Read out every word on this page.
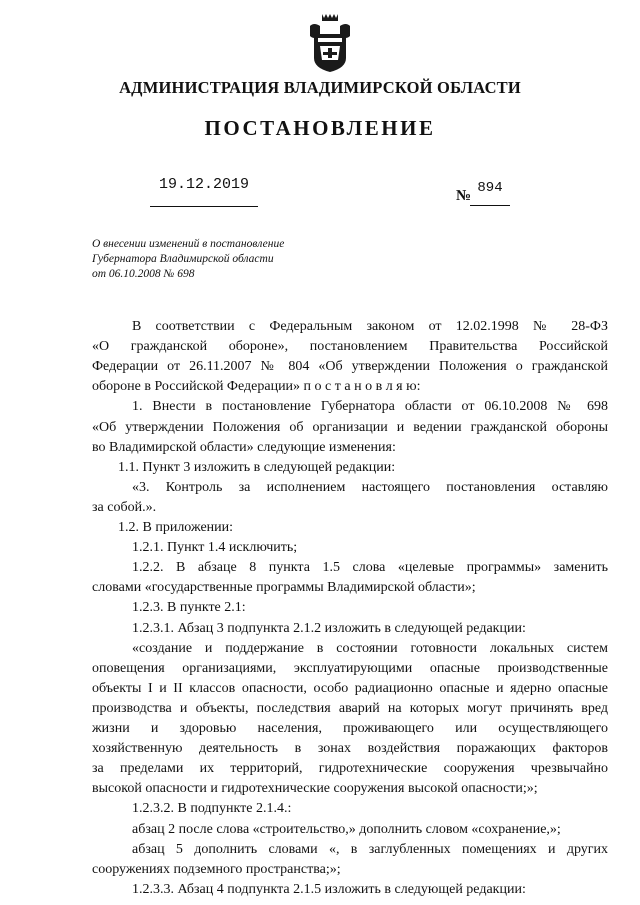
АДМИНИСТРАЦИЯ ВЛАДИМИРСКОЙ ОБЛАСТИ
ПОСТАНОВЛЕНИЕ
19.12.2019
№ 894
О внесении изменений в постановление
Губернатора Владимирской области
от 06.10.2008 № 698
В соответствии с Федеральным законом от 12.02.1998 № 28-ФЗ
«О гражданской обороне», постановлением Правительства Российской
Федерации от 26.11.2007 № 804 «Об утверждении Положения о гражданской
обороне в Российской Федерации» п о с т а н о в л я ю:
1. Внести в постановление Губернатора области от 06.10.2008 № 698
«Об утверждении Положения об организации и ведении гражданской обороны
во Владимирской области» следующие изменения:
1.1. Пункт 3 изложить в следующей редакции:
«3. Контроль за исполнением настоящего постановления оставляю
за собой.».
1.2. В приложении:
1.2.1. Пункт 1.4 исключить;
1.2.2. В абзаце 8 пункта 1.5 слова «целевые программы» заменить
словами «государственные программы Владимирской области»;
1.2.3. В пункте 2.1:
1.2.3.1. Абзац 3 подпункта 2.1.2 изложить в следующей редакции:
«создание и поддержание в состоянии готовности локальных систем
оповещения организациями, эксплуатирующими опасные производственные
объекты I и II классов опасности, особо радиационно опасные и ядерно опасные
производства и объекты, последствия аварий на которых могут причинять вред
жизни и здоровью населения, проживающего или осуществляющего
хозяйственную деятельность в зонах воздействия поражающих факторов
за пределами их территорий, гидротехнические сооружения чрезвычайно
высокой опасности и гидротехнические сооружения высокой опасности;»;
1.2.3.2. В подпункте 2.1.4.:
абзац 2 после слова «строительство,» дополнить словом «сохранение,»;
абзац 5 дополнить словами «, в заглубленных помещениях и других
сооружениях подземного пространства;»;
1.2.3.3. Абзац 4 подпункта 2.1.5 изложить в следующей редакции:
